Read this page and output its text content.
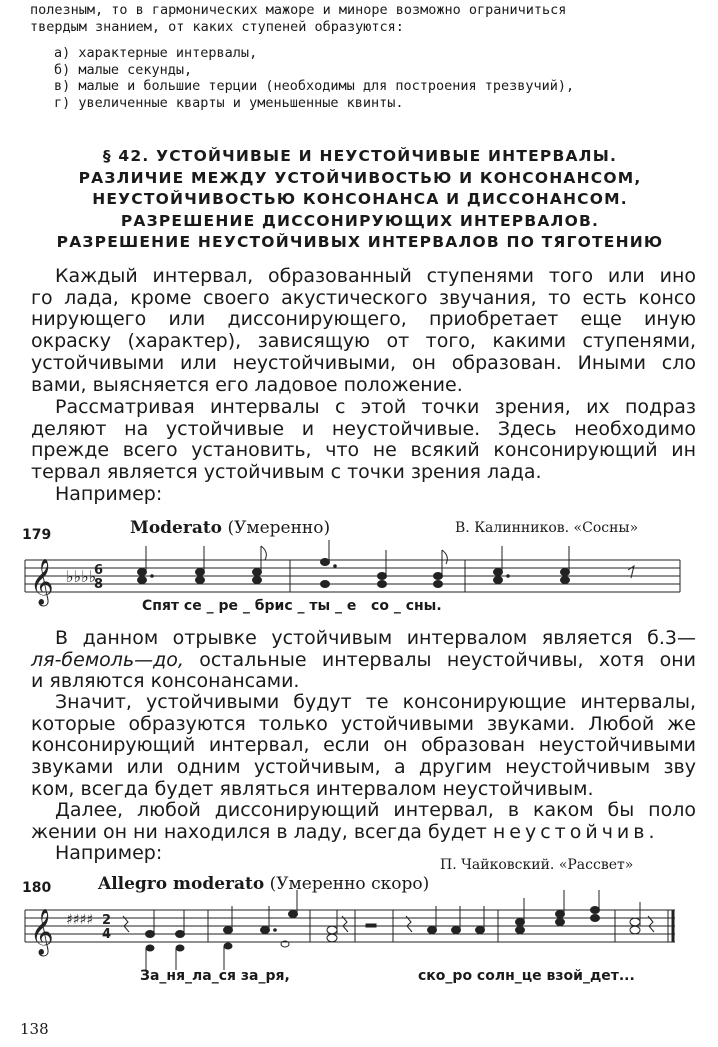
полезным, то в гармонических мажоре и миноре возможно ограничиться

твердым знанием, от каких ступеней образуются:

а) характерные интервалы,
б) малые секунды,
в) малые и большие терции (необходимы для построения трезвучий),
г) увеличенные кварты и уменьшенные квинты.
§ 42. УСТОЙЧИВЫЕ И НЕУСТОЙЧИВЫЕ ИНТЕРВАЛЫ.
РАЗЛИЧИЕ МЕЖДУ УСТОЙЧИВОСТЬЮ И КОНСОНАНСОМ,
НЕУСТОЙЧИВОСТЬЮ КОНСОНАНСА И ДИССОНАНСОМ.
РАЗРЕШЕНИЕ ДИССОНИРУЮЩИХ ИНТЕРВАЛОВ.
РАЗРЕШЕНИЕ НЕУСТОЙЧИВЫХ ИНТЕРВАЛОВ ПО ТЯГОТЕНИЮ
Каждый интервал, образованный ступенями того или ино
го лада, кроме своего акустического звучания, то есть консо
нирующего или диссонирующего, приобретает еще иную
окраску (характер), зависящую от того, какими ступенями,
устойчивыми или неустойчивыми, он образован. Иными сло
вами, выясняется его ладовое положение.
Рассматривая интервалы с этой точки зрения, их подраз
деляют на устойчивые и неустойчивые. Здесь необходимо
прежде всего установить, что не всякий консонирующий ин
тервал является устойчивым с точки зрения лада.
Например:
179	Moderato (Умеренно)	В. Калинников. «Сосны»
𝄞 ♭♭♭♭
6
8
Спят се _ ре _ брис _ ты _ е   со _ сны.
В данном отрывке устойчивым интервалом является б.3—
ля-бемоль—до, остальные интервалы неустойчивы, хотя они
и являются консонансами.
Значит, устойчивыми будут те консонирующие интервалы,
которые образуются только устойчивыми звуками. Любой же
консонирующий интервал, если он образован неустойчивыми
звуками или одним устойчивым, а другим неустойчивым зву
ком, всегда будет являться интервалом неустойчивым.
Далее, любой диссонирующий интервал, в каком бы поло
жении он ни находился в ладу, всегда будет неустойчив.
Например:
П. Чайковский. «Рассвет»
180	Allegro moderato (Умеренно скоро)
𝄞 ♯♯♯♯ 2
4
За_ня_ла_ся за_ря,	ско_ро солн_це взой_дет...
138
